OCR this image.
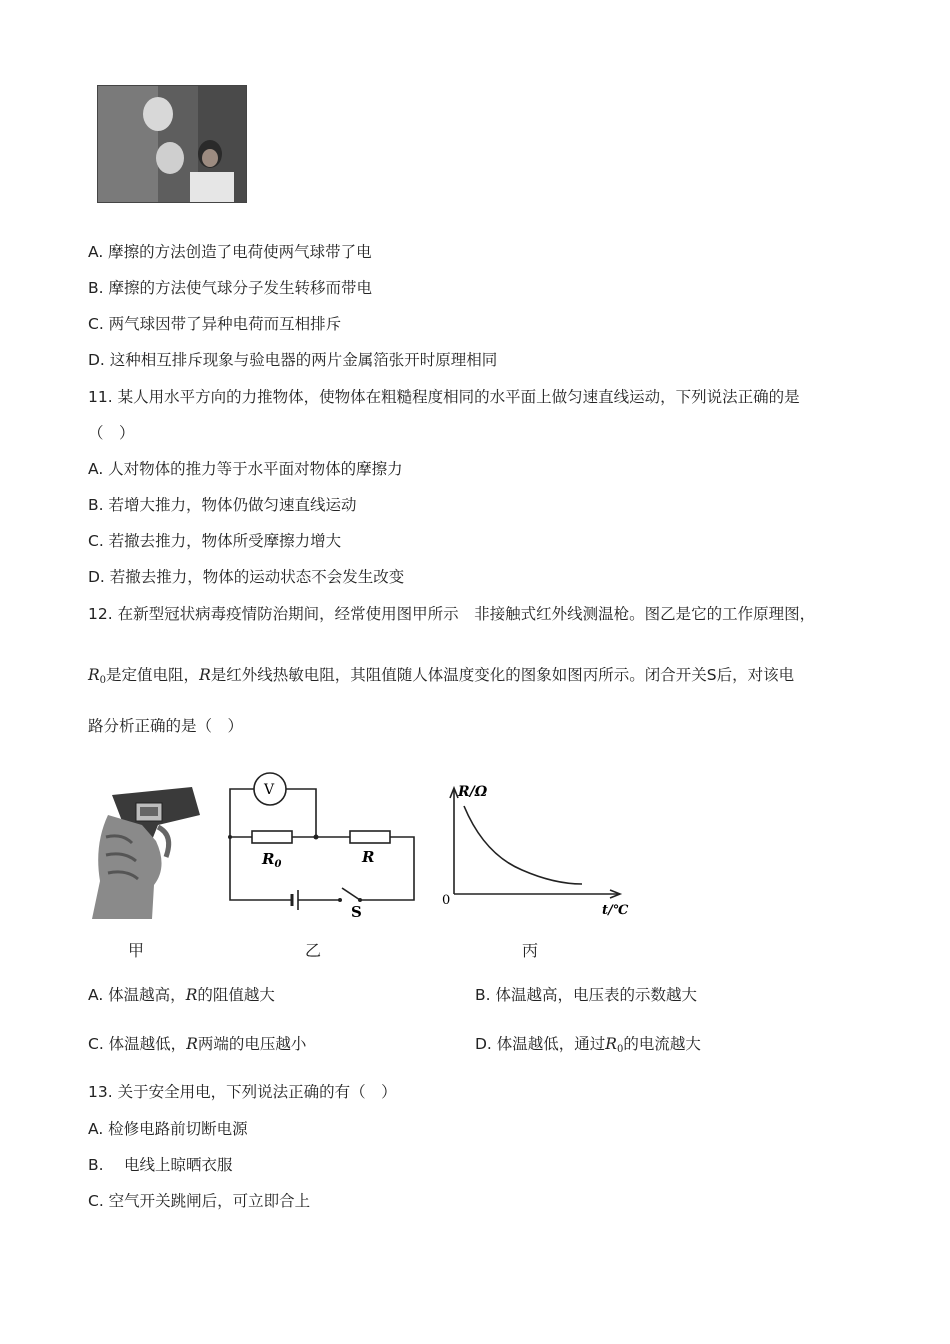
A. 摩擦的方法创造了电荷使两气球带了电
B. 摩擦的方法使气球分子发生转移而带电
C. 两气球因带了异种电荷而互相排斥
D. 这种相互排斥现象与验电器的两片金属箔张开时原理相同
11. 某人用水平方向的力推物体，使物体在粗糙程度相同的水平面上做匀速直线运动，下列说法正确的是
（　）
A. 人对物体的推力等于水平面对物体的摩擦力
B. 若增大推力，物体仍做匀速直线运动
C. 若撤去推力，物体所受摩擦力增大
D. 若撤去推力，物体的运动状态不会发生改变
12. 在新型冠状病毒疫情防治期间，经常使用图甲所示　非接触式红外线测温枪。图乙是它的工作原理图，
$R_0$是定值电阻，R是红外线热敏电阻，其阻值随人体温度变化的图象如图丙所示。闭合开关S后，对该电
路分析正确的是（　）
V
$R_0$	R
S
R/Ω
0
t/℃
甲	乙	丙
A. 体温越高，R的阻值越大	B. 体温越高，电压表的示数越大
C. 体温越低，R两端的电压越小	D. 体温越低，通过$R_0$的电流越大
13. 关于安全用电，下列说法正确的有（　）
A. 检修电路前切断电源
B. 　电线上晾晒衣服
C. 空气开关跳闸后，可立即合上
